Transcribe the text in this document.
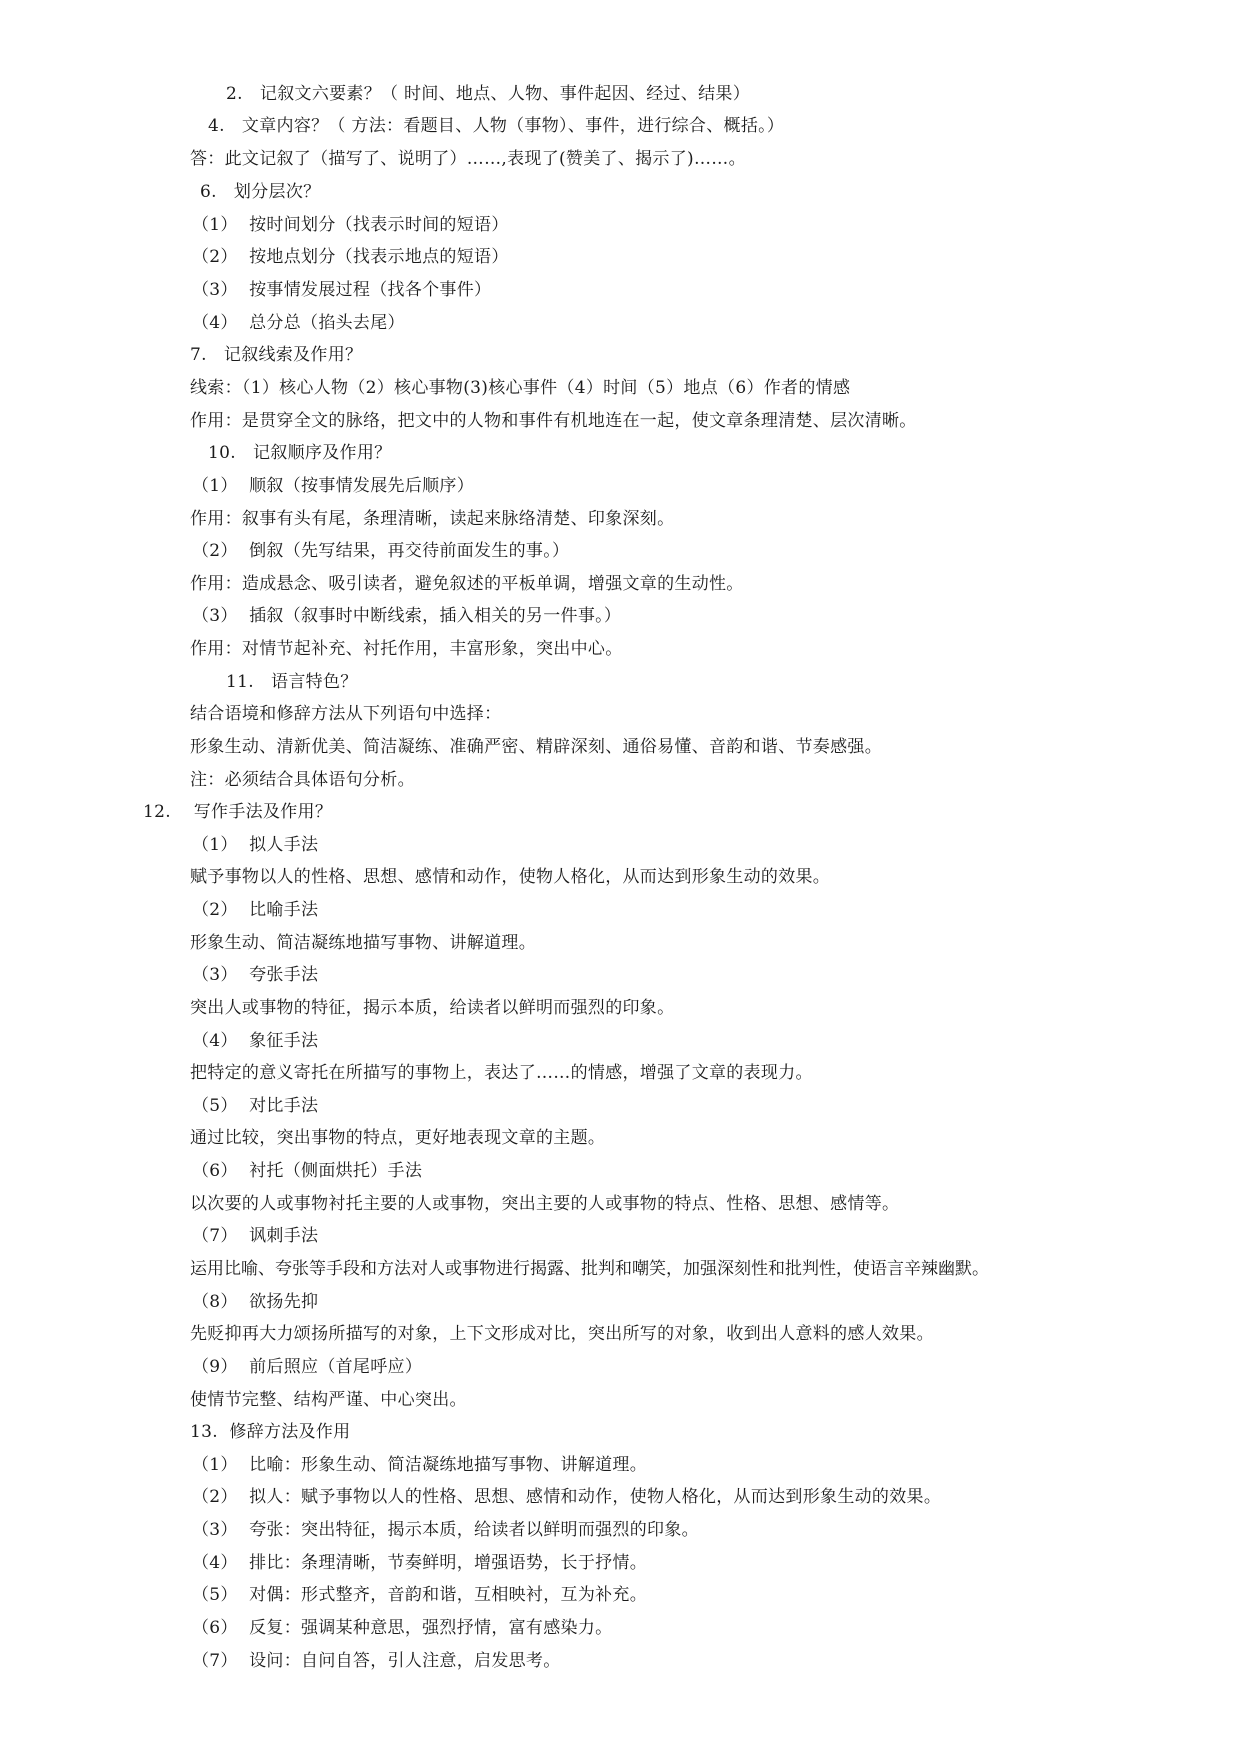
2.   记叙文六要素？（ 时间、地点、人物、事件起因、经过、结果）
4.   文章内容？（ 方法：看题目、人物（事物）、事件，进行综合、概括。）
答：此文记叙了（描写了、说明了）……,表现了(赞美了、揭示了)……。
6.   划分层次？
（1）  按时间划分（找表示时间的短语）
（2）  按地点划分（找表示地点的短语）
（3）  按事情发展过程（找各个事件）
（4）  总分总（掐头去尾）
7.   记叙线索及作用？
线索：（1）核心人物（2）核心事物(3)核心事件（4）时间（5）地点（6）作者的情感
作用：是贯穿全文的脉络，把文中的人物和事件有机地连在一起，使文章条理清楚、层次清晰。
10.   记叙顺序及作用？
（1）  顺叙（按事情发展先后顺序）
作用：叙事有头有尾，条理清晰，读起来脉络清楚、印象深刻。
（2）  倒叙（先写结果，再交待前面发生的事。）
作用：造成悬念、吸引读者，避免叙述的平板单调，增强文章的生动性。
（3）  插叙（叙事时中断线索，插入相关的另一件事。）
作用：对情节起补充、衬托作用，丰富形象，突出中心。
11.   语言特色？
结合语境和修辞方法从下列语句中选择：
形象生动、清新优美、简洁凝练、准确严密、精辟深刻、通俗易懂、音韵和谐、节奏感强。
注：必须结合具体语句分析。
12.    写作手法及作用？
（1）  拟人手法
赋予事物以人的性格、思想、感情和动作，使物人格化，从而达到形象生动的效果。
（2）  比喻手法
形象生动、简洁凝练地描写事物、讲解道理。
（3）  夸张手法
突出人或事物的特征，揭示本质，给读者以鲜明而强烈的印象。
（4）  象征手法
把特定的意义寄托在所描写的事物上，表达了……的情感，增强了文章的表现力。
（5）  对比手法
通过比较，突出事物的特点，更好地表现文章的主题。
（6）  衬托（侧面烘托）手法
以次要的人或事物衬托主要的人或事物，突出主要的人或事物的特点、性格、思想、感情等。
（7）  讽刺手法
运用比喻、夸张等手段和方法对人或事物进行揭露、批判和嘲笑，加强深刻性和批判性，使语言辛辣幽默。
（8）  欲扬先抑
先贬抑再大力颂扬所描写的对象，上下文形成对比，突出所写的对象，收到出人意料的感人效果。
（9）  前后照应（首尾呼应）
使情节完整、结构严谨、中心突出。
13.  修辞方法及作用
（1）  比喻：形象生动、简洁凝练地描写事物、讲解道理。
（2）  拟人：赋予事物以人的性格、思想、感情和动作，使物人格化，从而达到形象生动的效果。
（3）  夸张：突出特征，揭示本质，给读者以鲜明而强烈的印象。
（4）  排比：条理清晰，节奏鲜明，增强语势，长于抒情。
（5）  对偶：形式整齐，音韵和谐，互相映衬，互为补充。
（6）  反复：强调某种意思，强烈抒情，富有感染力。
（7）  设问：自问自答，引人注意，启发思考。
